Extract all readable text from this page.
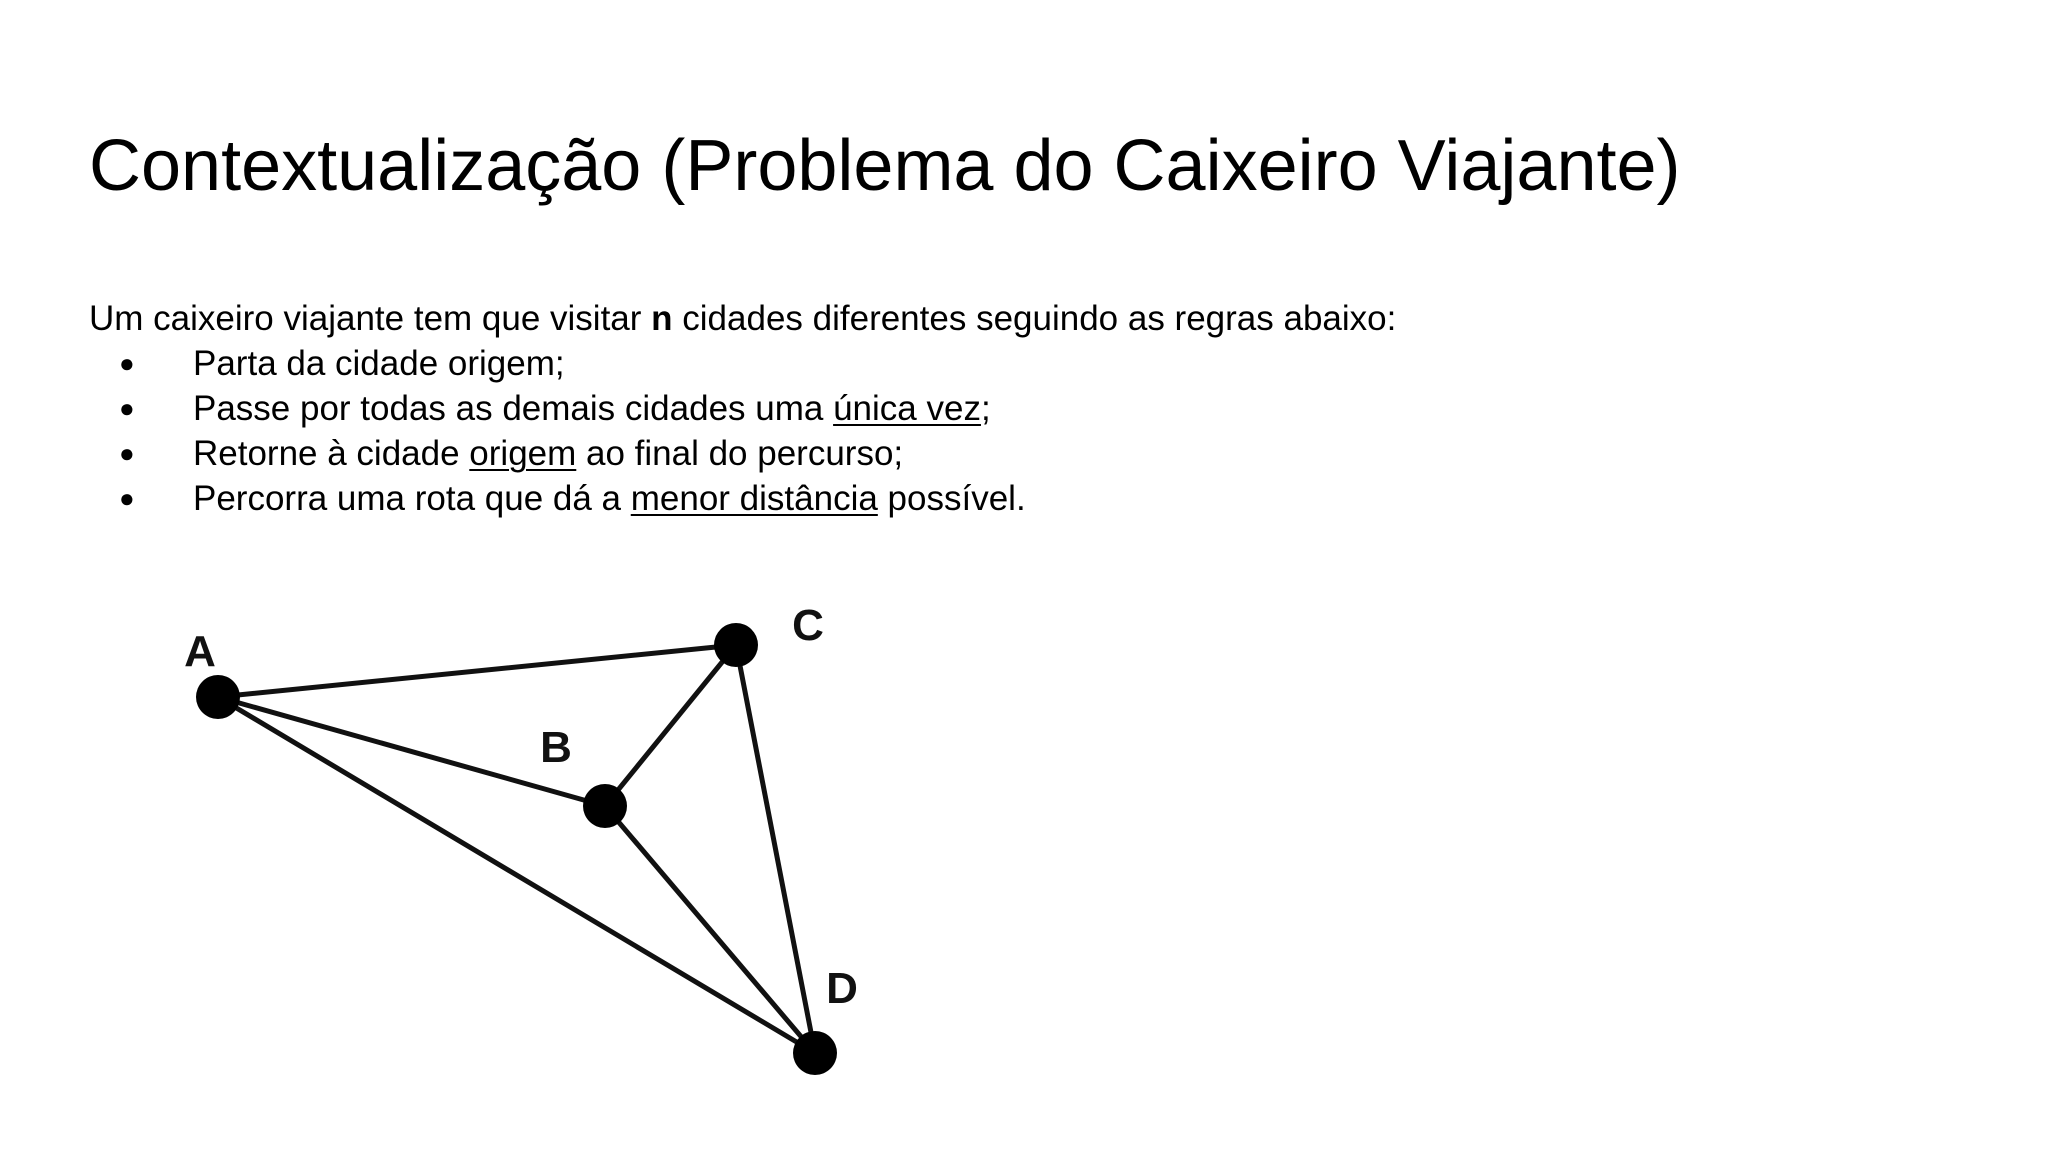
Contextualização (Problema do Caixeiro Viajante)
Um caixeiro viajante tem que visitar n cidades diferentes seguindo as regras abaixo:
● Parta da cidade origem;
● Passe por todas as demais cidades uma única vez;
● Retorne à cidade origem ao final do percurso;
● Percorra uma rota que dá a menor distância possível.
A
B
C
D
